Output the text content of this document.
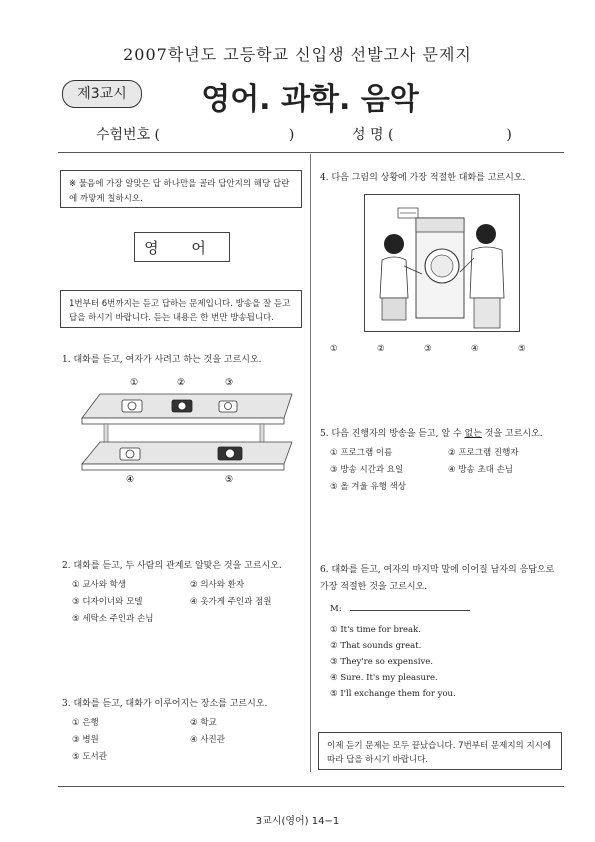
2007학년도 고등학교 신입생 선발고사 문제지
제3교시	영어. 과학. 음악
수험번호 (	)	성 명 (	)
※ 물음에 가장 알맞은 답 하나만을 골라 답안지의 해당 답란에 까맣게 칠하시오.
영 어
1번부터 6번까지는 듣고 답하는 문제입니다. 방송을 잘 듣고 답을 하시기 바랍니다. 듣는 내용은 한 번만 방송됩니다.
1. 대화를 듣고, 여자가 사려고 하는 것을 고르시오.
①	②	③
④	⑤
2. 대화를 듣고, 두 사람의 관계로 알맞은 것을 고르시오.
① 교사와 학생	② 의사와 환자
③ 디자이너와 모델	④ 옷가게 주인과 점원
⑤ 세탁소 주인과 손님
3. 대화를 듣고, 대화가 이루어지는 장소를 고르시오.
① 은행	② 학교
③ 병원	④ 사진관
⑤ 도서관
4. 다음 그림의 상황에 가장 적절한 대화를 고르시오.
①	②	③	④	⑤
5. 다음 진행자의 방송을 듣고, 알 수 없는 것을 고르시오.
① 프로그램 이름	② 프로그램 진행자
③ 방송 시간과 요일	④ 방송 초대 손님
⑤ 올 겨울 유행 색상
6. 대화를 듣고, 여자의 마지막 말에 이어질 남자의 응답으로 가장 적절한 것을 고르시오.
M:
① It's time for break.
② That sounds great.
③ They're so expensive.
④ Sure. It's my pleasure.
⑤ I'll exchange them for you.
이제 듣기 문제는 모두 끝났습니다. 7번부터 문제지의 지시에 따라 답을 하시기 바랍니다.
3교시(영어) 14−1
